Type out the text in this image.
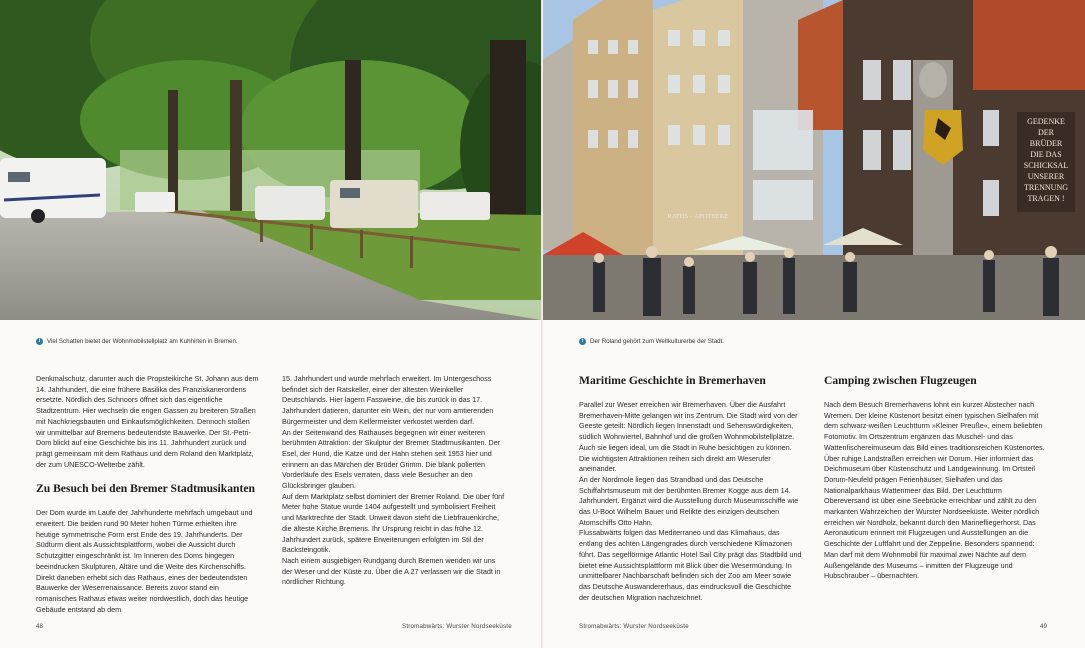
GEDENKE
DER
BRÜDER
DIE DAS
SCHICKSAL
UNSERER
TRENNUNG
TRAGEN !
RATHS – APOTHEKE
i	Viel Schatten bietet der Wohnmobilstellplatz am Kuhhirten in Bremen.	i	Der Roland gehört zum Weltkulturerbe der Stadt.

Denkmalschutz, darunter auch die Propsteikirche St. Johann aus dem 14. Jahrhundert, die eine frühere Basilika des Franziskanerordens ersetzte. Nördlich des Schnoors öffnet sich das eigentliche Stadtzentrum. Hier wechseln die engen Gassen zu breiteren Straßen mit Nachkriegsbauten und Einkaufsmöglichkeiten. Dennoch stoßen wir unmittelbar auf Bremens bedeutendste Bauwerke. Der St.-Petri-Dom blickt auf eine Geschichte bis ins 11. Jahrhundert zurück und prägt gemeinsam mit dem Rathaus und dem Roland den Marktplatz, der zum UNESCO-Welterbe zählt.

Zu Besuch bei den Bremer Stadtmusikanten

Der Dom wurde im Laufe der Jahrhunderte mehrfach umgebaut und erweitert. Die beiden rund 90 Meter hohen Türme erhielten ihre heutige symmetrische Form erst Ende des 19. Jahrhunderts. Der Südturm dient als Aussichtsplattform, wobei die Aussicht durch Schutzgitter eingeschränkt ist. Im Inneren des Doms hingegen beeindrucken Skulpturen, Altäre und die Weite des Kirchenschiffs. Direkt daneben erhebt sich das Rathaus, eines der bedeutendsten Bauwerke der Weserrenaissance. Bereits zuvor stand ein romanisches Rathaus etwas weiter nordwestlich, doch das heutige Gebäude entstand ab dem

15. Jahrhundert und wurde mehrfach erweitert. Im Untergeschoss befindet sich der Ratskeller, einer der ältesten Weinkeller Deutschlands. Hier lagern Fassweine, die bis zurück in das 17. Jahrhundert datieren, darunter ein Wein, der nur vom amtierenden Bürgermeister und dem Kellermeister verkostet werden darf.

An der Seitenwand des Rathauses begegnen wir einer weiteren berühmten Attraktion: der Skulptur der Bremer Stadtmusikanten. Der Esel, der Hund, die Katze und der Hahn stehen seit 1953 hier und erinnern an das Märchen der Brüder Grimm. Die blank polierten Vorderläufe des Esels verraten, dass viele Besucher an den Glücksbringer glauben.

Auf dem Marktplatz selbst dominiert der Bremer Roland. Die über fünf Meter hohe Statue wurde 1404 aufgestellt und symbolisiert Freiheit und Marktrechte der Stadt. Unweit davon steht die Liebfrauenkirche, die älteste Kirche Bremens. Ihr Ursprung reicht in das frühe 12. Jahrhundert zurück, spätere Erweiterungen erfolgten im Stil der Backsteingotik.

Nach einem ausgiebigen Rundgang durch Bremen wenden wir uns der Weser und der Küste zu. Über die A 27 verlassen wir die Stadt in nördlicher Richtung.

Maritime Geschichte in Bremerhaven

Parallel zur Weser erreichen wir Bremerhaven. Über die Ausfahrt Bremerhaven-Mitte gelangen wir ins Zentrum. Die Stadt wird von der Geeste geteilt: Nördlich liegen Innenstadt und Sehenswürdigkeiten, südlich Wohnviertel, Bahnhof und die großen Wohnmobilstellplätze. Auch sie liegen ideal, um die Stadt in Ruhe besichtigen zu können. Die wichtigsten Attraktionen reihen sich direkt am Weserufer aneinander.

An der Nordmole liegen das Strandbad und das Deutsche Schiffahrtsmuseum mit der berühmten Bremer Kogge aus dem 14. Jahrhundert. Ergänzt wird die Ausstellung durch Museumsschiffe wie das U-Boot Wilhelm Bauer und Relikte des einzigen deutschen Atomschiffs Otto Hahn.

Flussabwärts folgen das Mediterraneo und das Klimahaus, das entlang des achten Längengrades durch verschiedene Klimazonen führt. Das segelförmige Atlantic Hotel Sail City prägt das Stadtbild und bietet eine Aussichtsplattform mit Blick über die Wesermündung. In unmittelbarer Nachbarschaft befinden sich der Zoo am Meer sowie das Deutsche Auswandererhaus, das eindrucksvoll die Geschichte der deutschen Migration nachzeichnet.

Camping zwischen Flugzeugen

Nach dem Besuch Bremerhavens lohnt ein kurzer Abstecher nach Wremen. Der kleine Küstenort besitzt einen typischen Sielhafen mit dem schwarz-weißen Leuchtturm »Kleiner Preuße«, einem beliebten Fotomotiv. Im Ortszentrum ergänzen das Muschel- und das Wattenfischereimuseum das Bild eines traditionsreichen Küstenortes. Über ruhige Landstraßen erreichen wir Dorum. Hier informiert das Deichmuseum über Küstenschutz und Landgewinnung. Im Ortsteil Dorum-Neufeld prägen Ferienhäuser, Sielhafen und das Nationalparkhaus Wattenmeer das Bild. Der Leuchtturm Obereversand ist über eine Seebrücke erreichbar und zählt zu den markanten Wahrzeichen der Wurster Nordseeküste. Weiter nördlich erreichen wir Nordholz, bekannt durch den Marinefliegerhorst. Das Aeronauticum erinnert mit Flugzeugen und Ausstellungen an die Geschichte der Luftfahrt und der Zeppeline. Besonders spannend: Man darf mit dem Wohnmobil für maximal zwei Nächte auf dem Außengelände des Museums – inmitten der Flugzeuge und Hubschrauber – übernachten.

48	Stromabwärts: Wurster Nordseeküste	Stromabwärts: Wurster Nordseeküste	49
